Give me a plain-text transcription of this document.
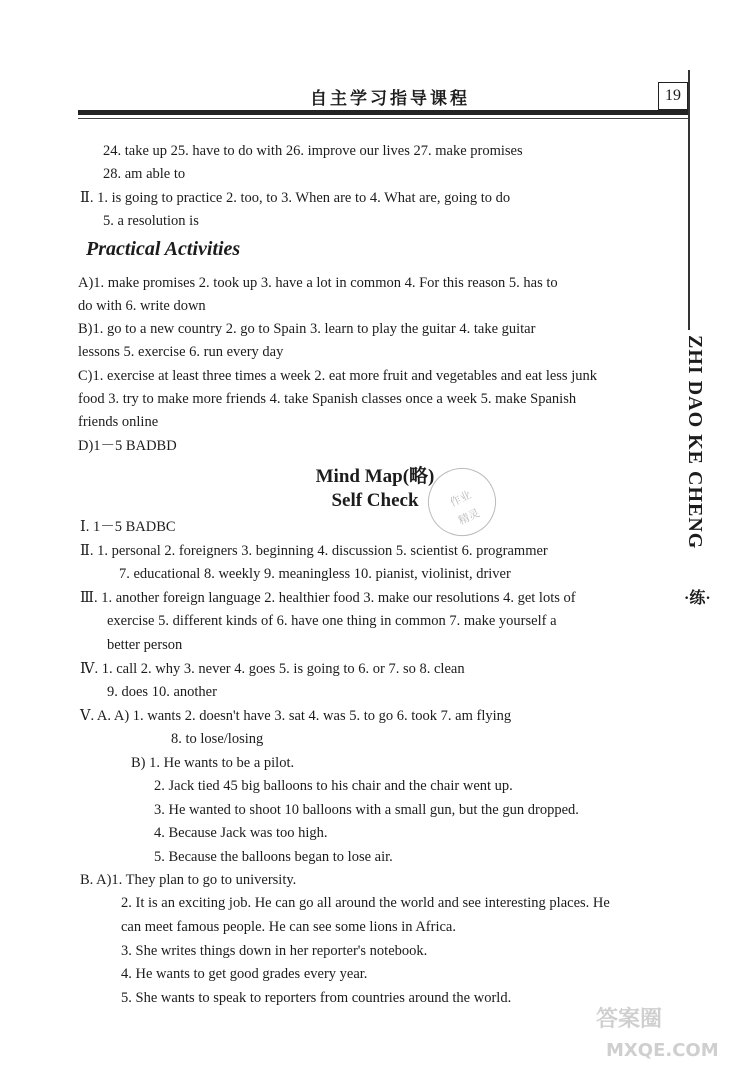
自主学习指导课程	19
ZHI DAO KE CHENG
·练·
24. take up 25. have to do with 26. improve our lives 27. make promises
28. am able to
Ⅱ. 1. is going to practice 2. too, to 3. When are to 4. What are, going to do
5. a resolution is
Practical Activities
A)1. make promises 2. took up 3. have a lot in common 4. For this reason 5. has to
do with 6. write down
B)1. go to a new country 2. go to Spain 3. learn to play the guitar 4. take guitar
lessons 5. exercise 6. run every day
C)1. exercise at least three times a week 2. eat more fruit and vegetables and eat less junk
food 3. try to make more friends 4. take Spanish classes once a week 5. make Spanish
friends online
D)1－5 BADBD
Mind Map(略)
Self Check	作业
精灵
Ⅰ. 1－5 BADBC
Ⅱ. 1. personal 2. foreigners 3. beginning 4. discussion 5. scientist 6. programmer
7. educational 8. weekly 9. meaningless 10. pianist, violinist, driver
Ⅲ. 1. another foreign language 2. healthier food 3. make our resolutions 4. get lots of
exercise 5. different kinds of 6. have one thing in common 7. make yourself a
better person
Ⅳ. 1. call 2. why 3. never 4. goes 5. is going to 6. or 7. so 8. clean
9. does 10. another
Ⅴ. A. A) 1. wants 2. doesn't have 3. sat 4. was 5. to go 6. took 7. am flying
8. to lose/losing
B) 1. He wants to be a pilot.
2. Jack tied 45 big balloons to his chair and the chair went up.
3. He wanted to shoot 10 balloons with a small gun, but the gun dropped.
4. Because Jack was too high.
5. Because the balloons began to lose air.
B. A)1. They plan to go to university.
2. It is an exciting job. He can go all around the world and see interesting places. He
can meet famous people. He can see some lions in Africa.
3. She writes things down in her reporter's notebook.
4. He wants to get good grades every year.
5. She wants to speak to reporters from countries around the world.
答案圈
MXQE.COM
